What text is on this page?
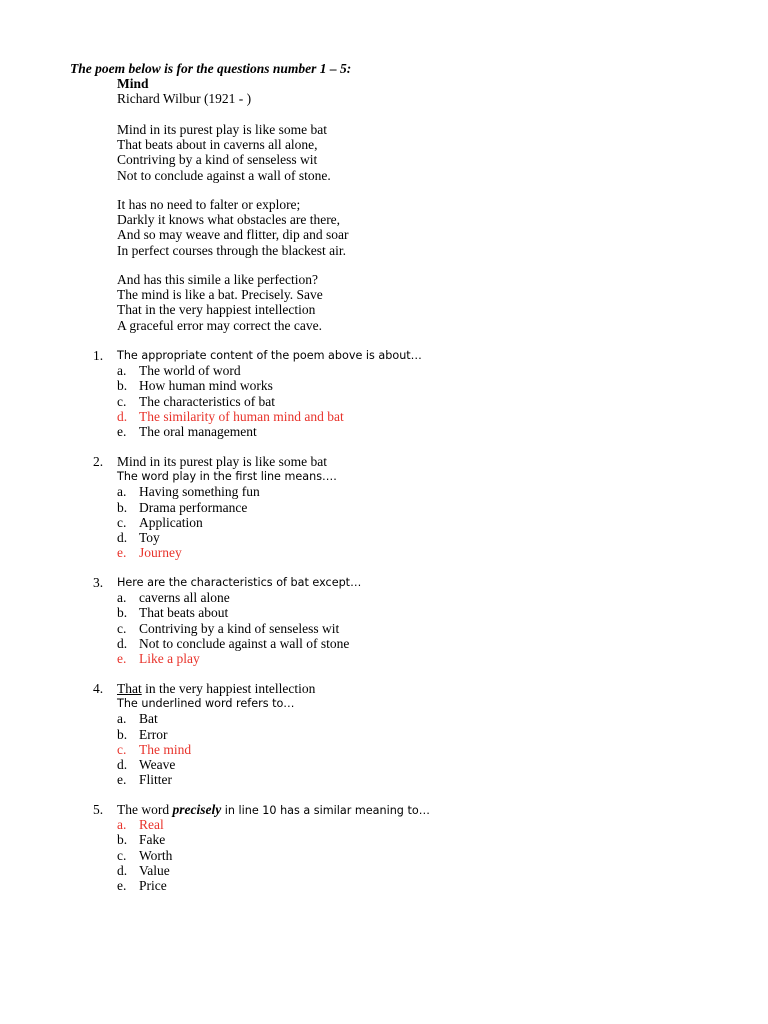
The poem below is for the questions number 1 – 5:
Mind
Richard Wilbur (1921 - )
Mind in its purest play is like some bat
That beats about in caverns all alone,
Contriving by a kind of senseless wit
Not to conclude against a wall of stone.
It has no need to falter or explore;
Darkly it knows what obstacles are there,
And so may weave and flitter, dip and soar
In perfect courses through the blackest air.
And has this simile a like perfection?
The mind is like a bat. Precisely. Save
That in the very happiest intellection
A graceful error may correct the cave.
1. The appropriate content of the poem above is about…
a. The world of word
b. How human mind works
c. The characteristics of bat
d. The similarity of human mind and bat
e. The oral management
2. Mind in its purest play is like some bat
The word play in the first line means….
a. Having something fun
b. Drama performance
c. Application
d. Toy
e. Journey
3. Here are the characteristics of bat except…
a. caverns all alone
b. That beats about
c. Contriving by a kind of senseless wit
d. Not to conclude against a wall of stone
e. Like a play
4. That in the very happiest intellection
The underlined word refers to…
a. Bat
b. Error
c. The mind
d. Weave
e. Flitter
5. The word precisely in line 10 has a similar meaning to…
a. Real
b. Fake
c. Worth
d. Value
e. Price
